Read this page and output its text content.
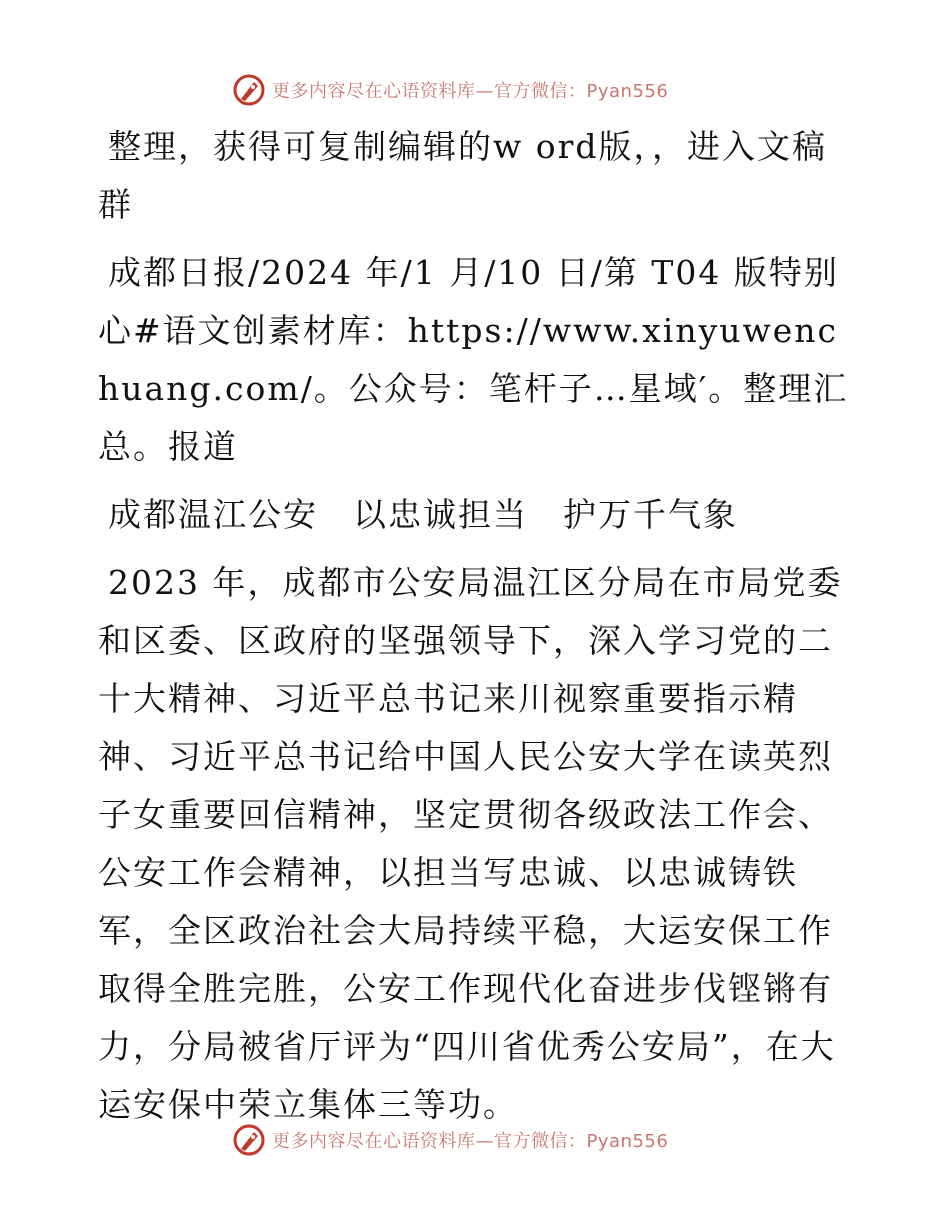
更多内容尽在心语资料库—官方微信：Pyan556

整理，获得可复制编辑的w ord版，，进入文稿群

成都日报/2024 年/1 月/10 日/第 T04 版特别心#语文创素材库：https://www.xinyuwenchuang.com/。公众号：笔杆子…星域′。整理汇总。报道

成都温江公安　以忠诚担当　护万千气象

2023 年，成都市公安局温江区分局在市局党委和区委、区政府的坚强领导下，深入学习党的二十大精神、习近平总书记来川视察重要指示精神、习近平总书记给中国人民公安大学在读英烈子女重要回信精神，坚定贯彻各级政法工作会、公安工作会精神，以担当写忠诚、以忠诚铸铁军，全区政治社会大局持续平稳，大运安保工作取得全胜完胜，公安工作现代化奋进步伐铿锵有力，分局被省厅评为“四川省优秀公安局”，在大运安保中荣立集体三等功。

更多内容尽在心语资料库—官方微信：Pyan556
